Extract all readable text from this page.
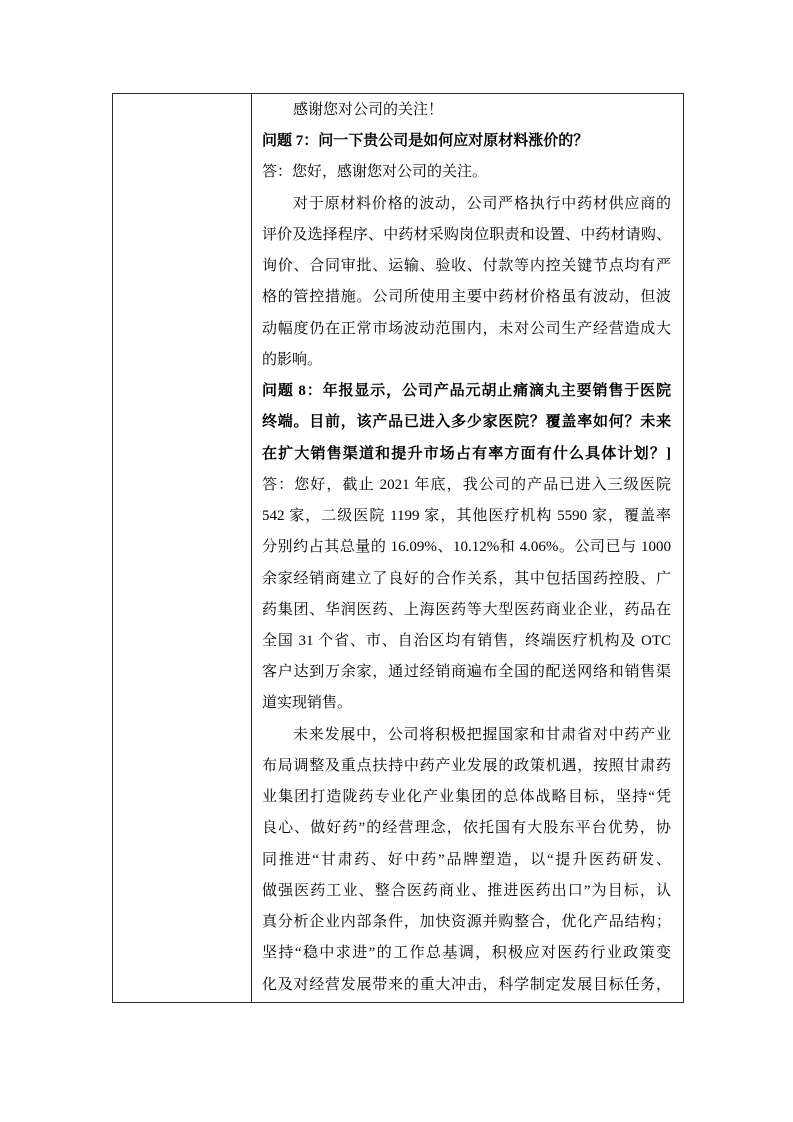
感谢您对公司的关注！
问题 7：问一下贵公司是如何应对原材料涨价的？
答：您好，感谢您对公司的关注。
对于原材料价格的波动，公司严格执行中药材供应商的
评价及选择程序、中药材采购岗位职责和设置、中药材请购、
询价、合同审批、运输、验收、付款等内控关键节点均有严
格的管控措施。公司所使用主要中药材价格虽有波动，但波
动幅度仍在正常市场波动范围内，未对公司生产经营造成大
的影响。
问题 8：年报显示，公司产品元胡止痛滴丸主要销售于医院
终端。目前，该产品已进入多少家医院？覆盖率如何？未来
在扩大销售渠道和提升市场占有率方面有什么具体计划？]
答：您好，截止 2021 年底，我公司的产品已进入三级医院
542 家，二级医院 1199 家，其他医疗机构 5590 家，覆盖率
分别约占其总量的 16.09%、10.12%和 4.06%。公司已与 1000
余家经销商建立了良好的合作关系，其中包括国药控股、广
药集团、华润医药、上海医药等大型医药商业企业，药品在
全国 31 个省、市、自治区均有销售，终端医疗机构及 OTC
客户达到万余家，通过经销商遍布全国的配送网络和销售渠
道实现销售。
未来发展中，公司将积极把握国家和甘肃省对中药产业
布局调整及重点扶持中药产业发展的政策机遇，按照甘肃药
业集团打造陇药专业化产业集团的总体战略目标，坚持“凭
良心、做好药”的经营理念，依托国有大股东平台优势，协
同推进“甘肃药、好中药”品牌塑造，以“提升医药研发、
做强医药工业、整合医药商业、推进医药出口”为目标，认
真分析企业内部条件，加快资源并购整合，优化产品结构；
坚持“稳中求进”的工作总基调，积极应对医药行业政策变
化及对经营发展带来的重大冲击，科学制定发展目标任务，
